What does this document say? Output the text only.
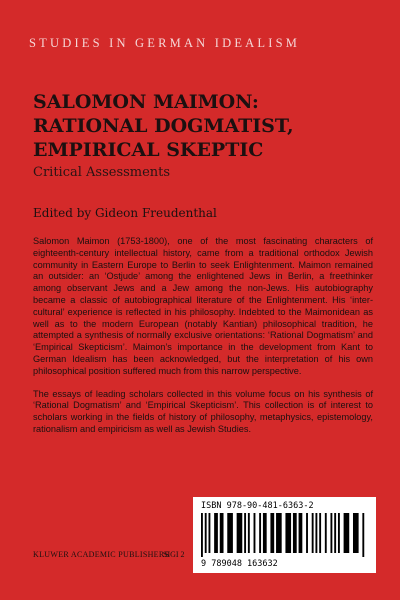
STUDIES IN GERMAN IDEALISM
SALOMON MAIMON:
RATIONAL DOGMATIST,
EMPIRICAL SKEPTIC
Critical Assessments
Edited by Gideon Freudenthal

Salomon Maimon (1753-1800), one of the most fascinating characters of eighteenth-century intellectual history, came from a traditional orthodox Jewish community in Eastern Europe to Berlin to seek Enlightenment. Maimon remained an outsider: an ‘Ostjude’ among the enlightened Jews in Berlin, a freethinker among observant Jews and a Jew among the non-Jews. His autobiography became a classic of autobiographical literature of the Enlightenment. His ‘inter-cultural’ experience is reflected in his philosophy. Indebted to the Maimonidean as well as to the modern European (notably Kantian) philosophical tradition, he attempted a synthesis of normally exclusive orientations: ‘Rational Dogmatism’ and ‘Empirical Skepticism’. Maimon’s importance in the development from Kant to German Idealism has been acknowledged, but the interpretation of his own philosophical position suffered much from this narrow perspective.

The essays of leading scholars collected in this volume focus on his synthesis of ‘Rational Dogmatism’ and ‘Empirical Skepticism’. This collection is of interest to scholars working in the fields of history of philosophy, metaphysics, epistemology, rationalism and empiricism as well as Jewish Studies.

KLUWER ACADEMIC PUBLISHERS
SIGI 2
ISBN 978-90-481-6363-2
9 789048 163632
